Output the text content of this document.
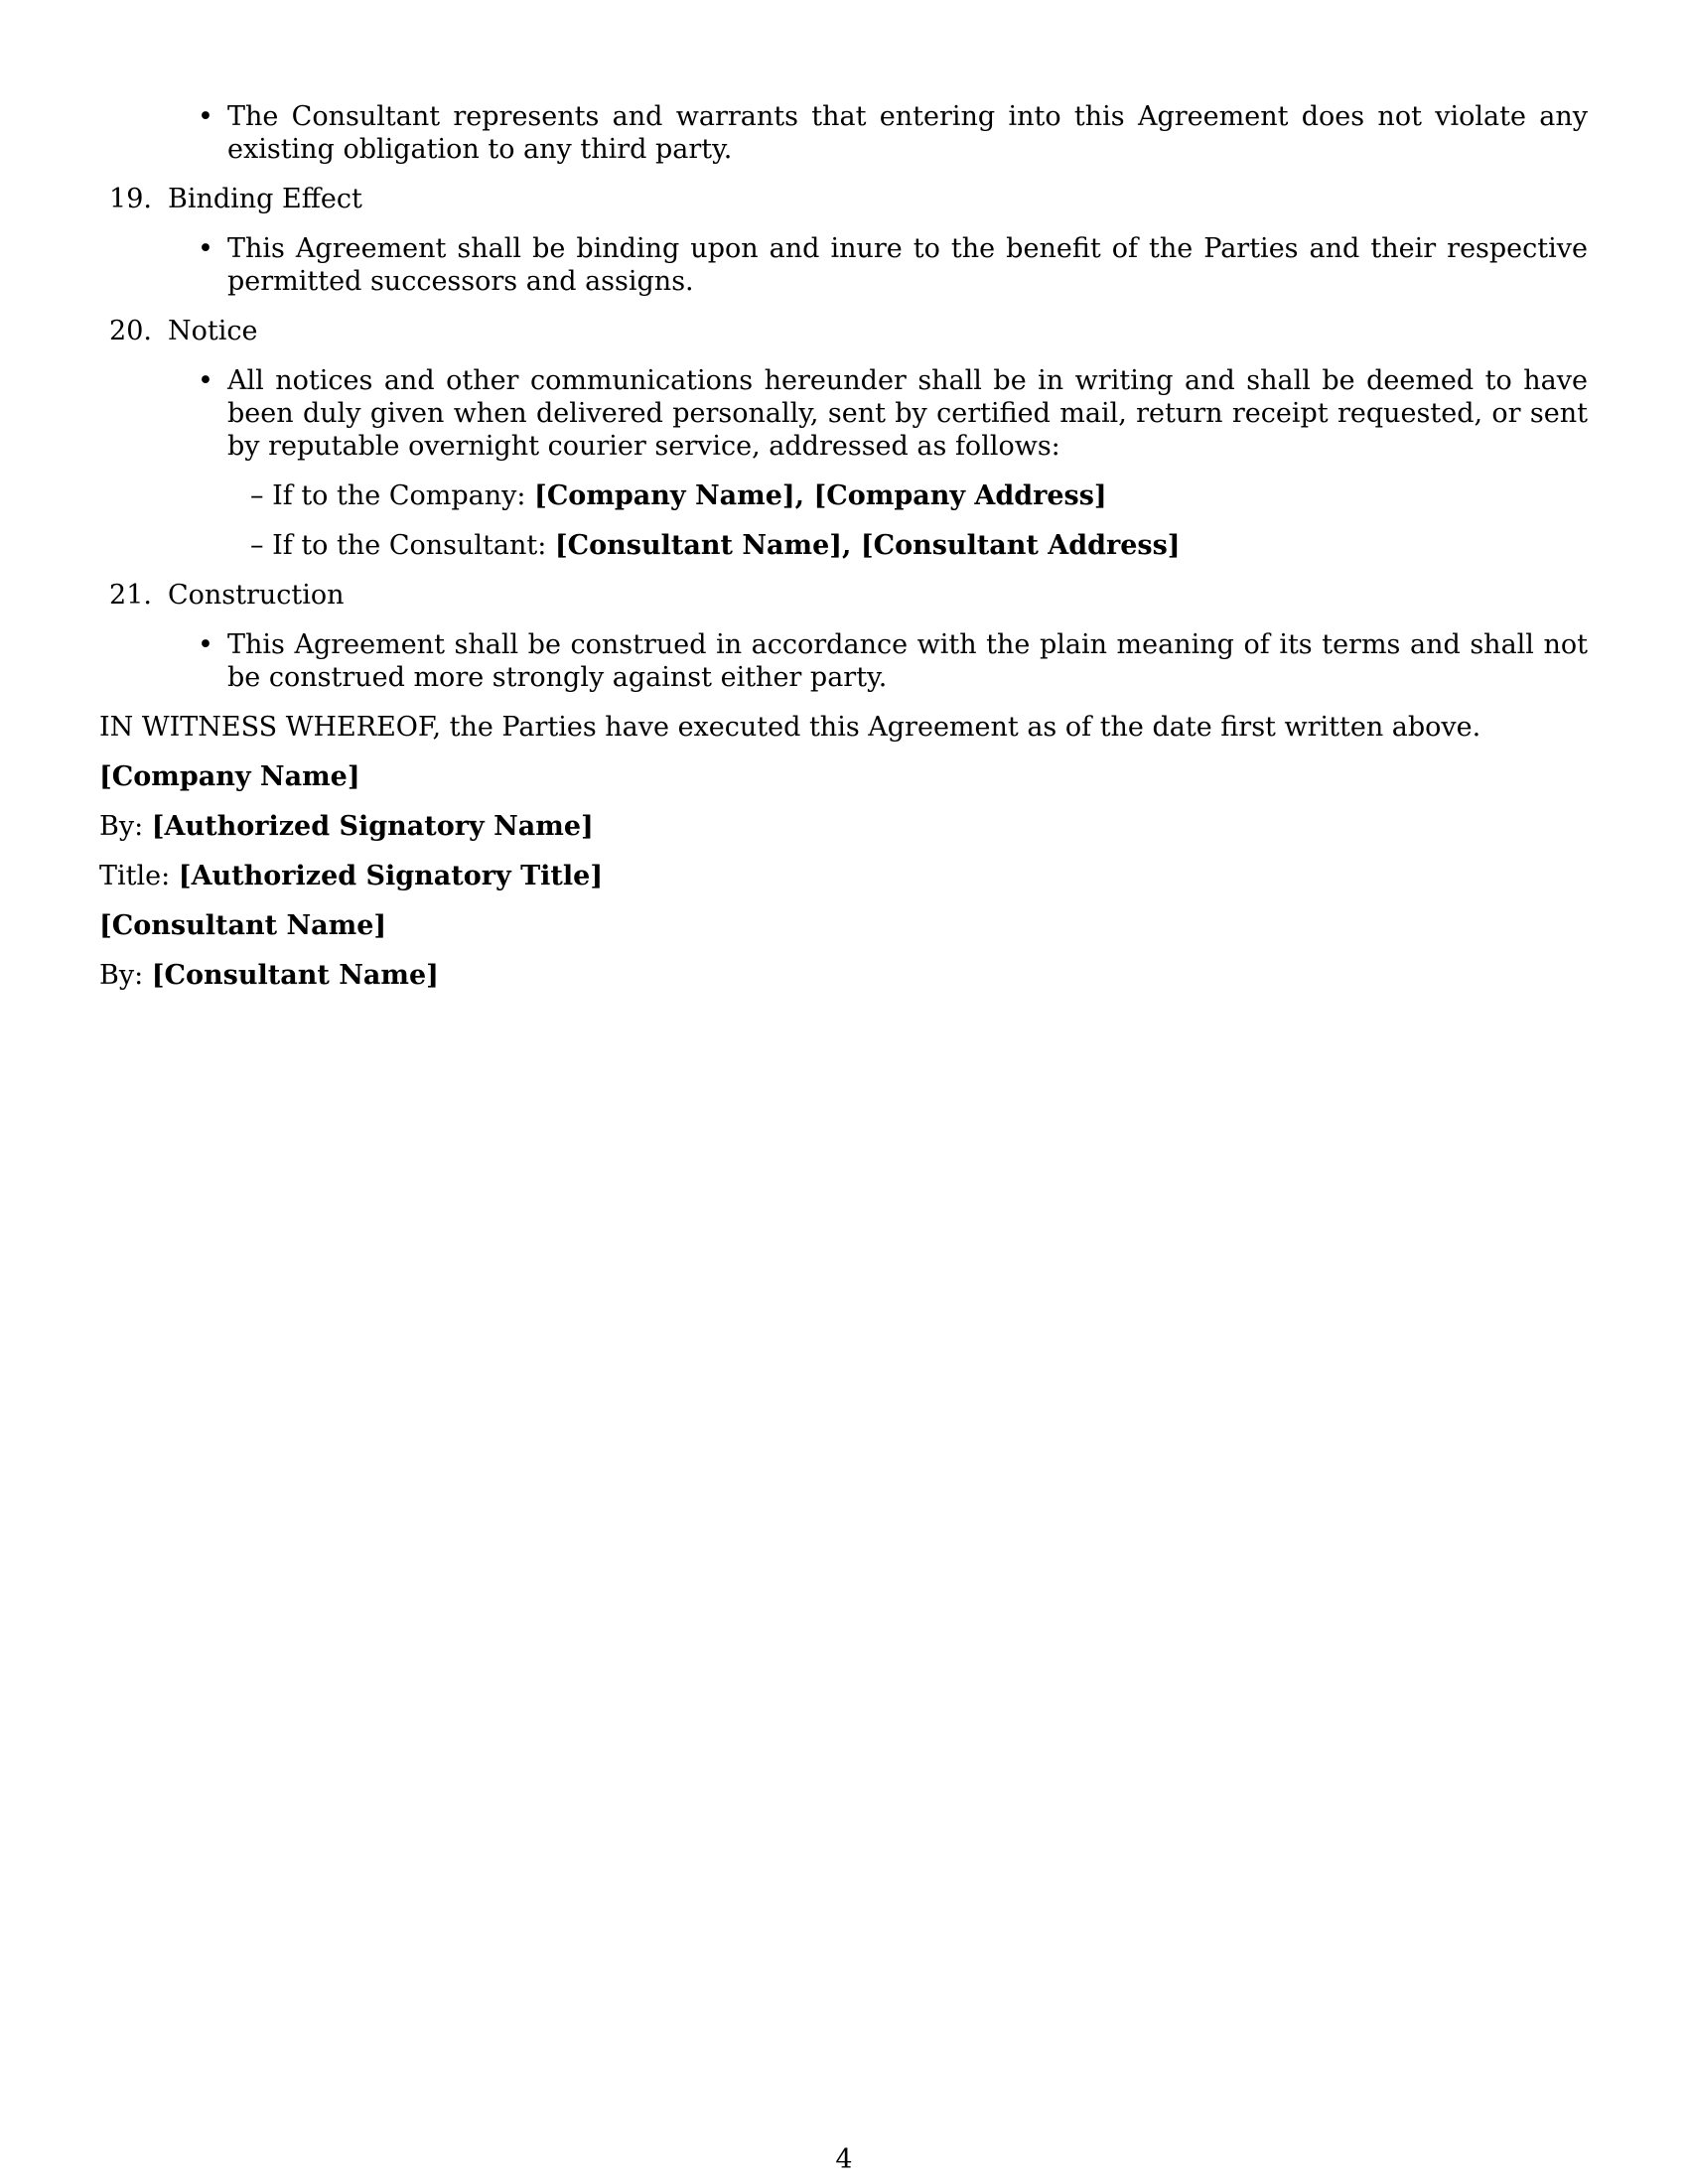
• The Consultant represents and warrants that entering into this Agreement does not violate any existing obligation to any third party.
19. Binding Effect
• This Agreement shall be binding upon and inure to the benefit of the Parties and their respective permitted successors and assigns.
20. Notice
• All notices and other communications hereunder shall be in writing and shall be deemed to have been duly given when delivered personally, sent by certified mail, return receipt requested, or sent by reputable overnight courier service, addressed as follows:
– If to the Company: [Company Name], [Company Address]
– If to the Consultant: [Consultant Name], [Consultant Address]
21. Construction
• This Agreement shall be construed in accordance with the plain meaning of its terms and shall not be construed more strongly against either party.
IN WITNESS WHEREOF, the Parties have executed this Agreement as of the date first written above.
[Company Name]
By: [Authorized Signatory Name]
Title: [Authorized Signatory Title]
[Consultant Name]
By: [Consultant Name]
4
